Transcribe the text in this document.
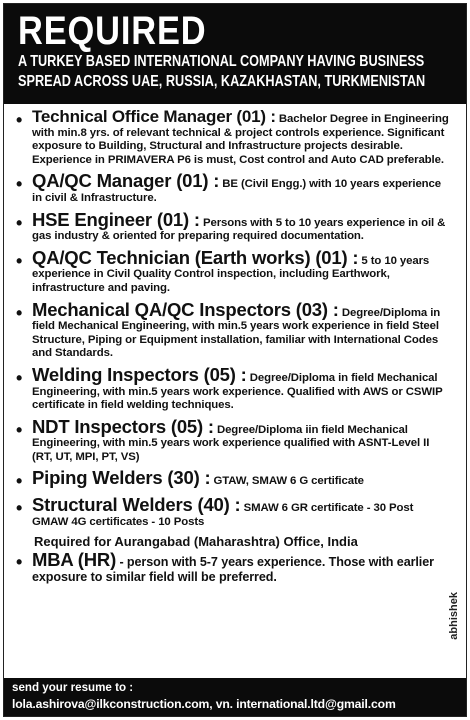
REQUIRED
A TURKEY BASED INTERNATIONAL COMPANY HAVING BUSINESS
SPREAD ACROSS UAE, RUSSIA, KAZAKHASTAN, TURKMENISTAN
• Technical Office Manager (01) : Bachelor Degree in Engineering with min.8 yrs. of relevant technical & project controls experience. Significant exposure to Building, Structural and Infrastructure projects desirable. Experience in PRIMAVERA P6 is must, Cost control and Auto CAD preferable.
• QA/QC Manager (01) : BE (Civil Engg.) with 10 years experience in civil & Infrastructure.
• HSE Engineer (01) : Persons with 5 to 10 years experience in oil & gas industry & oriented for preparing required documentation.
• QA/QC Technician (Earth works) (01) : 5 to 10 years experience in Civil Quality Control inspection, including Earthwork, infrastructure and paving.
• Mechanical QA/QC Inspectors (03) : Degree/Diploma in field Mechanical Engineering, with min.5 years work experience in field Steel Structure, Piping or Equipment installation, familiar with International Codes and Standards.
• Welding Inspectors (05) : Degree/Diploma in field Mechanical Engineering, with min.5 years work experience. Qualified with AWS or CSWIP certificate in field welding techniques.
• NDT Inspectors (05) : Degree/Diploma iin field Mechanical Engineering, with min.5 years work experience qualified with ASNT-Level II (RT, UT, MPI, PT, VS)
• Piping Welders (30) : GTAW, SMAW 6 G certificate
• Structural Welders (40) : SMAW 6 GR certificate - 30 Post GMAW 4G certificates - 10 Posts
Required for Aurangabad (Maharashtra) Office, India
• MBA (HR) - person with 5-7 years experience. Those with earlier exposure to similar field will be preferred.
abhishek
send your resume to :
lola.ashirova@ilkconstruction.com, vn. international.ltd@gmail.com
